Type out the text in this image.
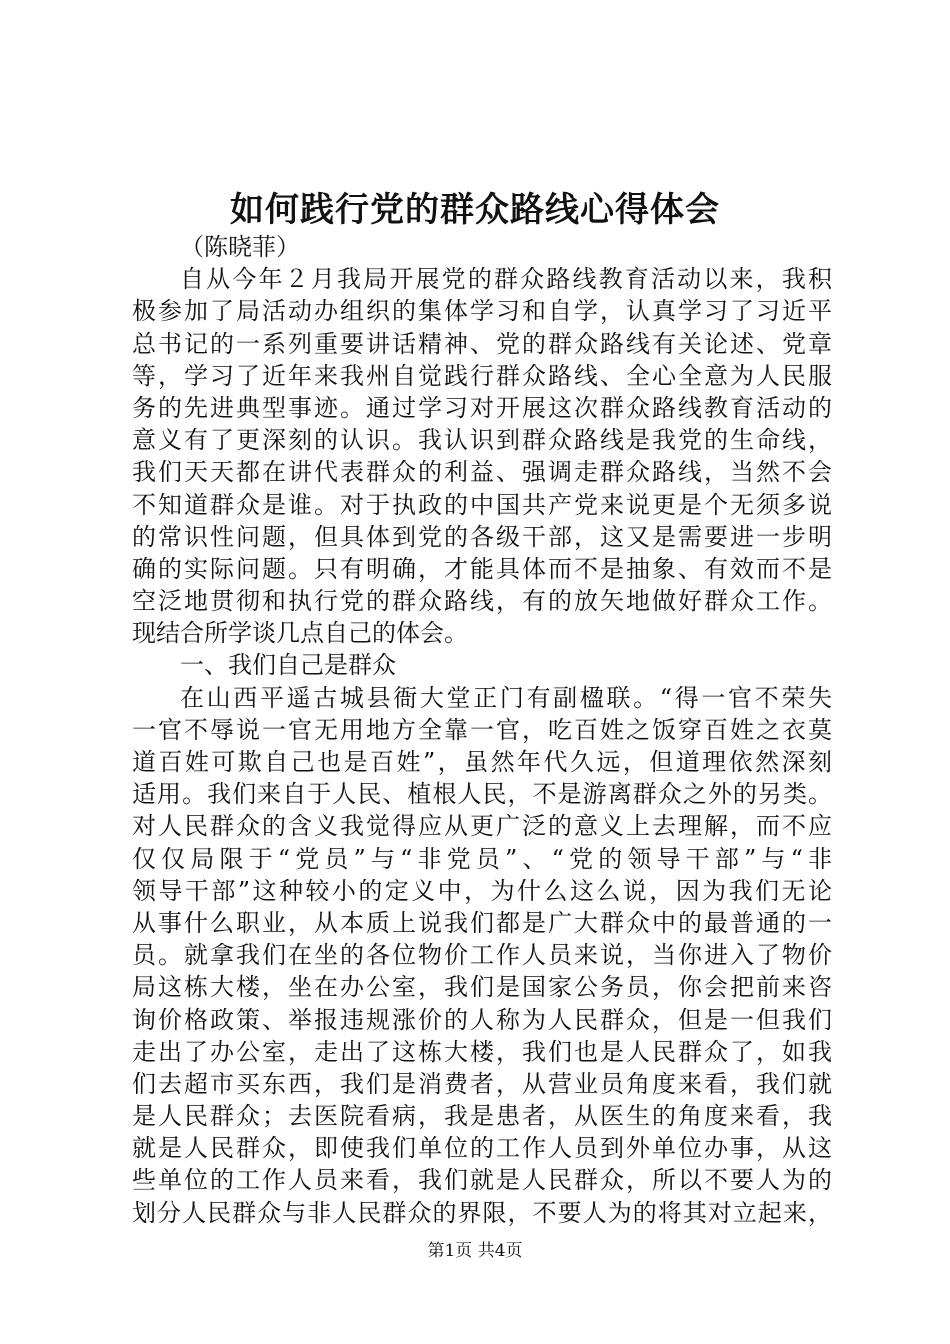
如何践行党的群众路线心得体会
（陈晓菲）
自从今年２月我局开展党的群众路线教育活动以来，我积
极参加了局活动办组织的集体学习和自学，认真学习了习近平
总书记的一系列重要讲话精神、党的群众路线有关论述、党章
等，学习了近年来我州自觉践行群众路线、全心全意为人民服
务的先进典型事迹。通过学习对开展这次群众路线教育活动的
意义有了更深刻的认识。我认识到群众路线是我党的生命线，
我们天天都在讲代表群众的利益、强调走群众路线，当然不会
不知道群众是谁。对于执政的中国共产党来说更是个无须多说
的常识性问题，但具体到党的各级干部，这又是需要进一步明
确的实际问题。只有明确，才能具体而不是抽象、有效而不是
空泛地贯彻和执行党的群众路线，有的放矢地做好群众工作。
现结合所学谈几点自己的体会。
一、我们自己是群众
在山西平遥古城县衙大堂正门有副楹联。“得一官不荣失
一官不辱说一官无用地方全靠一官，吃百姓之饭穿百姓之衣莫
道百姓可欺自己也是百姓”，虽然年代久远，但道理依然深刻
适用。我们来自于人民、植根人民，不是游离群众之外的另类。
对人民群众的含义我觉得应从更广泛的意义上去理解，而不应
仅仅局限于“党员”与“非党员”、“党的领导干部”与“非
领导干部”这种较小的定义中，为什么这么说，因为我们无论
从事什么职业，从本质上说我们都是广大群众中的最普通的一
员。就拿我们在坐的各位物价工作人员来说，当你进入了物价
局这栋大楼，坐在办公室，我们是国家公务员，你会把前来咨
询价格政策、举报违规涨价的人称为人民群众，但是一但我们
走出了办公室，走出了这栋大楼，我们也是人民群众了，如我
们去超市买东西，我们是消费者，从营业员角度来看，我们就
是人民群众；去医院看病，我是患者，从医生的角度来看，我
就是人民群众，即使我们单位的工作人员到外单位办事，从这
些单位的工作人员来看，我们就是人民群众，所以不要人为的
划分人民群众与非人民群众的界限，不要人为的将其对立起来，
第1页 共4页
